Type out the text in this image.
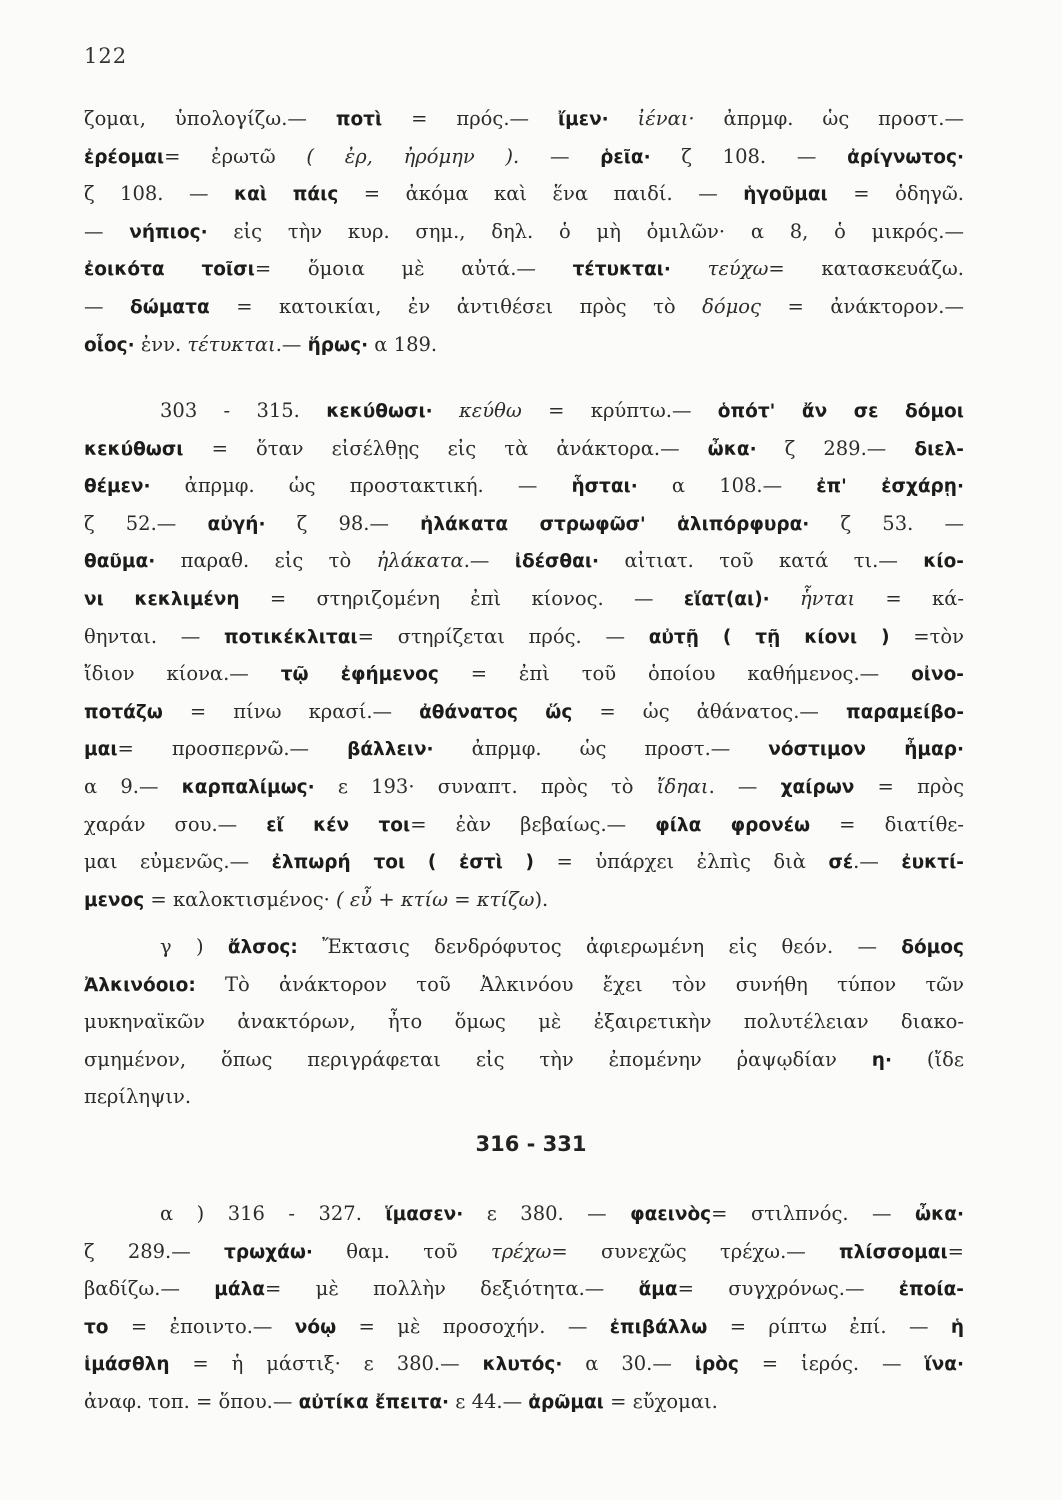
122
ζομαι, ὑπολογίζω.— ποτὶ = πρός.— ἴμεν· ἰέναι· ἀπρμφ. ὡς προστ.—
ἐρέομαι= ἐρωτῶ ( ἐρ, ἠρόμην ). — ῥεῖα· ζ 108. — ἀρίγνωτος·
ζ 108. — καὶ πάις = ἀκόμα καὶ ἕνα παιδί. — ἡγοῦμαι = ὁδηγῶ.
— νήπιος· εἰς τὴν κυρ. σημ., δηλ. ὁ μὴ ὁμιλῶν· α 8, ὁ μικρός.—
ἐοικότα τοῖσι= ὅμοια μὲ αὐτά.— τέτυκται· τεύχω= κατασκευάζω.
— δώματα = κατοικίαι, ἐν ἀντιθέσει πρὸς τὸ δόμος = ἀνάκτορον.—
οἷος· ἐνν. τέτυκται.— ἥρως· α 189.
303 - 315. κεκύθωσι· κεύθω = κρύπτω.— ὁπότ' ἄν σε δόμοι
κεκύθωσι = ὅταν εἰσέλθῃς εἰς τὰ ἀνάκτορα.— ὦκα· ζ 289.— διελ-
θέμεν· ἀπρμφ. ὡς προστακτική. — ἧσται· α 108.— ἐπ' ἐσχάρῃ·
ζ 52.— αὐγή· ζ 98.— ἠλάκατα στρωφῶσ' ἁλιπόρφυρα· ζ 53. —
θαῦμα· παραθ. εἰς τὸ ἠλάκατα.— ἰδέσθαι· αἰτιατ. τοῦ κατά τι.— κίο-
νι κεκλιμένη = στηριζομένη ἐπὶ κίονος. — εἵατ(αι)· ἧνται = κά-
θηνται. — ποτικέκλιται= στηρίζεται πρός. — αὐτῇ ( τῇ κίονι ) =τὸν
ἴδιον κίονα.— τῷ ἐφήμενος = ἐπὶ τοῦ ὁποίου καθήμενος.— οἰνο-
ποτάζω = πίνω κρασί.— ἀθάνατος ὥς = ὡς ἀθάνατος.— παραμείβο-
μαι= προσπερνῶ.— βάλλειν· ἀπρμφ. ὡς προστ.— νόστιμον ἦμαρ·
α 9.— καρπαλίμως· ε 193· συναπτ. πρὸς τὸ ἴδηαι. — χαίρων = πρὸς
χαράν σου.— εἴ κέν τοι= ἐὰν βεβαίως.— φίλα φρονέω = διατίθε-
μαι εὐμενῶς.— ἐλπωρή τοι ( ἐστὶ ) = ὑπάρχει ἐλπὶς διὰ σέ.— ἐυκτί-
μενος = καλοκτισμένος· ( εὖ + κτίω = κτίζω).
γ ) ἄλσος: Ἔκτασις δενδρόφυτος ἀφιερωμένη εἰς θεόν. — δόμος
Ἀλκινόοιο: Τὸ ἀνάκτορον τοῦ Ἀλκινόου ἔχει τὸν συνήθη τύπον τῶν
μυκηναϊκῶν ἀνακτόρων, ἦτο ὅμως μὲ ἐξαιρετικὴν πολυτέλειαν διακο-
σμημένον, ὅπως περιγράφεται εἰς τὴν ἐπομένην ῥαψῳδίαν η· (ἴδε
περίληψιν.
316 - 331
α ) 316 - 327. ἵμασεν· ε 380. — φαεινὸς= στιλπνός. — ὦκα·
ζ 289.— τρωχάω· θαμ. τοῦ τρέχω= συνεχῶς τρέχω.— πλίσσομαι=
βαδίζω.— μάλα= μὲ πολλὴν δεξιότητα.— ἅμα= συγχρόνως.— ἐποία-
το = ἐποιντο.— νόῳ = μὲ προσοχήν. — ἐπιβάλλω = ρίπτω ἐπί. — ἡ
ἱμάσθλη = ἡ μάστιξ· ε 380.— κλυτός· α 30.— ἱρὸς = ἱερός. — ἵνα·
ἀναφ. τοπ. = ὅπου.— αὐτίκα ἔπειτα· ε 44.— ἀρῶμαι = εὔχομαι.
